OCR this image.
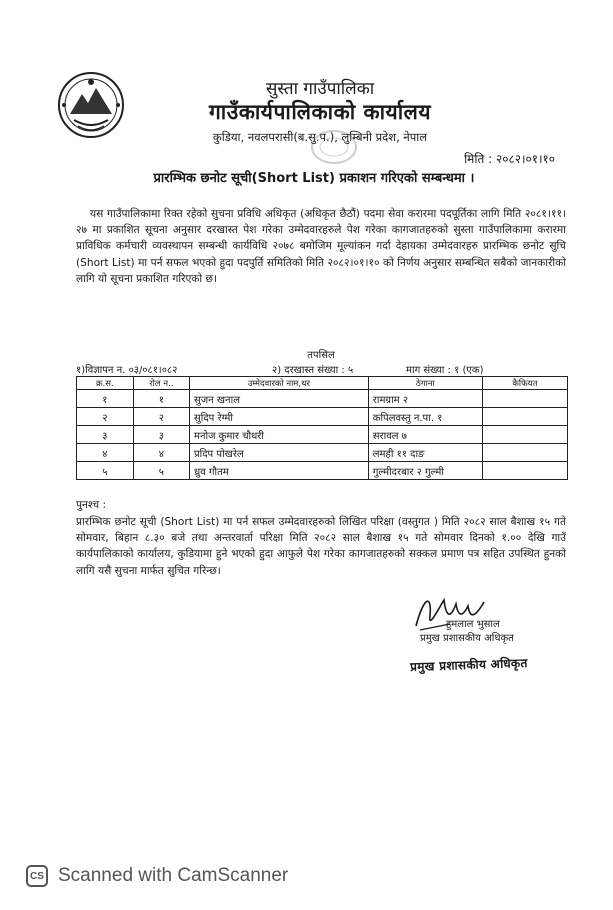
सुस्ता गाउँपालिका
गाउँकार्यपालिकाको कार्यालय
कुडिया, नवलपरासी(ब.सु.प.), लुम्बिनी प्रदेश, नेपाल
मिति : २०८२।०१।१०
प्रारम्भिक छनोट सूची(Short List) प्रकाशन गरिएको सम्बन्धमा ।
यस गाउँपालिकामा रिक्त रहेको सुचना प्रविधि अधिकृत (अधिकृत छैठौं) पदमा सेवा करारमा पदपूर्तिका लागि मिति २०८१।११।२७ मा प्रकाशित सूचना अनुसार दरखास्त पेश गरेका उम्मेदवारहरुले पेश गरेका कागजातहरुको सुस्ता गाउँपालिकामा करारमा प्राविधिक कर्मचारी व्यवस्थापन सम्बन्धी कार्यविधि २०७८ बमोजिम मूल्यांकन गर्दा देहायका उम्मेदवारहरु प्रारम्भिक छनोट सुचि (Short List) मा पर्न सफल भएको हुदा पदपुर्ति समितिको मिति २०८२।०१।१० को निर्णय अनुसार सम्बन्धित सबैको जानकारीको लागि यो सूचना प्रकाशित गरिएको छ।
तपसिल
१)विज्ञापन न. ०३/०८१।०८२	२) दरखास्त संख्या : ५	माग संख्या : १ (एक)
क्र.स.	रोल न..	उम्मेदवारको नाम,थर	ठेगाना	कैफियत
१	१	सुजन खनाल	रामग्राम २	
२	२	सुदिप रेग्मी	कपिलवस्तु न.पा. १	
३	३	मनोज कुमार चौधरी	सरावल ७	
४	४	प्रदिप पोखरेल	लमही ११ दाङ	
५	५	ध्रुव गौतम	गुल्मीदरबार २ गुल्मी	
पुनश्च :
प्रारम्भिक छनोट सूची (Short List) मा पर्न सफल उम्मेदवारहरुको लिखित परिक्षा (वस्तुगत ) मिति २०८२ साल बैशाख १५ गते सोमवार, बिहान ८.३० बजे तथा अन्तरवार्ता परिक्षा मिति २०८२ साल बैशाख १५ गते सोमवार दिनको १.०० देखि गाउँ कार्यपालिकाको कार्यालय, कुडियामा हुने भएको हुदा आफुले पेश गरेका कागजातहरुको सक्कल प्रमाण पत्र सहित उपस्थित हुनको लागि यसै सुचना मार्फत सुचित गरिन्छ।
हुमलाल भुसाल
प्रमुख प्रशासकीय अधिकृत
प्रमुख प्रशासकीय अधिकृत
CS Scanned with CamScanner
